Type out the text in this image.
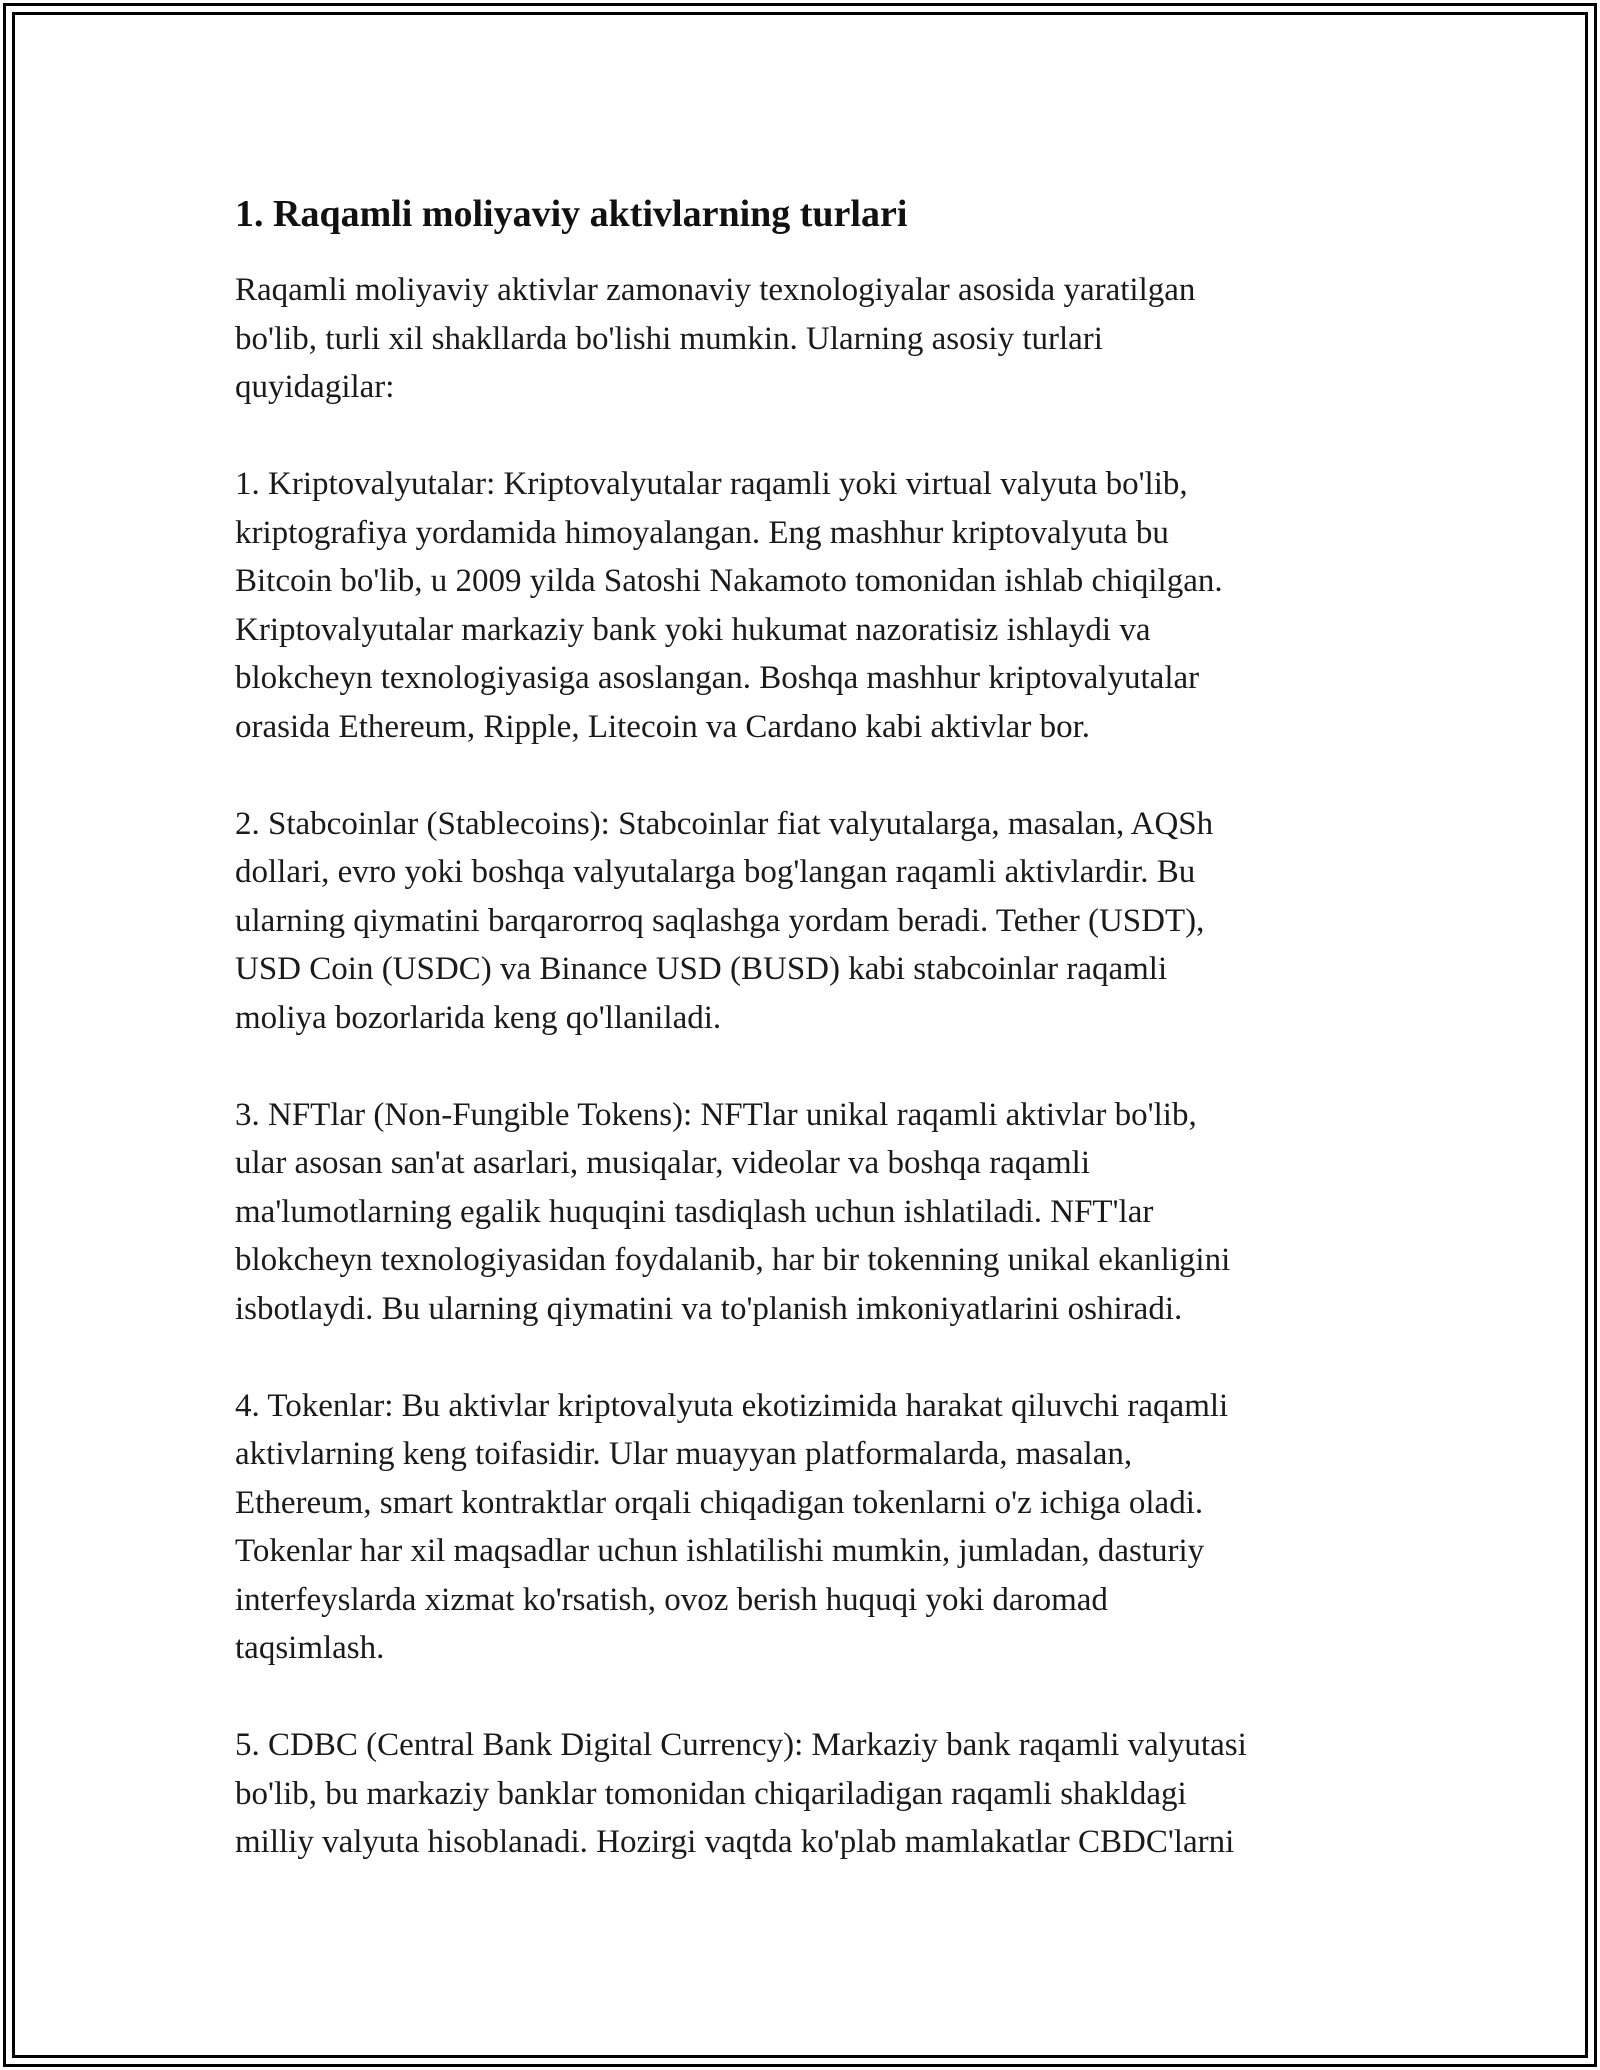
1. Raqamli moliyaviy aktivlarning turlari

Raqamli moliyaviy aktivlar zamonaviy texnologiyalar asosida yaratilgan
bo'lib, turli xil shakllarda bo'lishi mumkin. Ularning asosiy turlari
quyidagilar:

1. Kriptovalyutalar: Kriptovalyutalar raqamli yoki virtual valyuta bo'lib,
kriptografiya yordamida himoyalangan. Eng mashhur kriptovalyuta bu
Bitcoin bo'lib, u 2009 yilda Satoshi Nakamoto tomonidan ishlab chiqilgan.
Kriptovalyutalar markaziy bank yoki hukumat nazoratisiz ishlaydi va
blokcheyn texnologiyasiga asoslangan. Boshqa mashhur kriptovalyutalar
orasida Ethereum, Ripple, Litecoin va Cardano kabi aktivlar bor.

2. Stabcoinlar (Stablecoins): Stabcoinlar fiat valyutalarga, masalan, AQSh
dollari, evro yoki boshqa valyutalarga bog'langan raqamli aktivlardir. Bu
ularning qiymatini barqarorroq saqlashga yordam beradi. Tether (USDT),
USD Coin (USDC) va Binance USD (BUSD) kabi stabcoinlar raqamli
moliya bozorlarida keng qo'llaniladi.

3. NFTlar (Non-Fungible Tokens): NFTlar unikal raqamli aktivlar bo'lib,
ular asosan san'at asarlari, musiqalar, videolar va boshqa raqamli
ma'lumotlarning egalik huquqini tasdiqlash uchun ishlatiladi. NFT'lar
blokcheyn texnologiyasidan foydalanib, har bir tokenning unikal ekanligini
isbotlaydi. Bu ularning qiymatini va to'planish imkoniyatlarini oshiradi.

4. Tokenlar: Bu aktivlar kriptovalyuta ekotizimida harakat qiluvchi raqamli
aktivlarning keng toifasidir. Ular muayyan platformalarda, masalan,
Ethereum, smart kontraktlar orqali chiqadigan tokenlarni o'z ichiga oladi.
Tokenlar har xil maqsadlar uchun ishlatilishi mumkin, jumladan, dasturiy
interfeyslarda xizmat ko'rsatish, ovoz berish huquqi yoki daromad
taqsimlash.

5. CDBC (Central Bank Digital Currency): Markaziy bank raqamli valyutasi
bo'lib, bu markaziy banklar tomonidan chiqariladigan raqamli shakldagi
milliy valyuta hisoblanadi. Hozirgi vaqtda ko'plab mamlakatlar CBDC'larni
